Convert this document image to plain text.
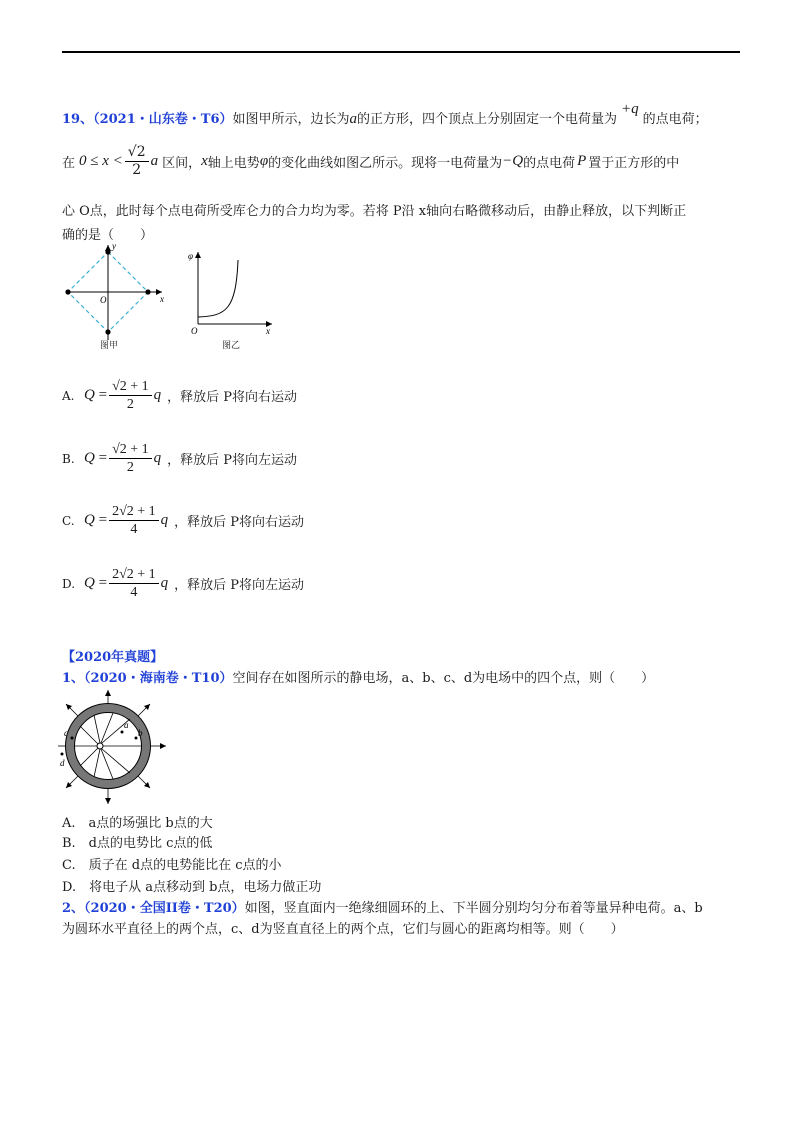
19、（2021・山东卷・T6）如图甲所示，边长为a的正方形，四个顶点上分别固定一个电荷量为+q的点电荷；
在 $0 \le x < \frac{√2}{2}$ a 区间， x 轴上电势 φ 的变化曲线如图乙所示。现将一电荷量为 −Q 的点电荷 P 置于正方形的中
心 O点，此时每个点电荷所受库仑力的合力均为零。若将 P沿 x轴向右略微移动后，由静止释放，以下判断正
确的是（　　）
y
x
O
图甲
φ
x
O
图乙
A. Q
= $\frac{√2 + 1}{2}$ q ，释放后 P将向右运动
B. Q
= $\frac{√2 + 1}{2}$ q ，释放后 P将向左运动
C. Q
= $\frac{2√2 + 1}{4}$ q ，释放后 P将向右运动
D. Q
= $\frac{2√2 + 1}{4}$ q ，释放后 P将向左运动
【2020年真题】
1、（2020・海南卷・T10）空间存在如图所示的静电场，a、b、c、d为电场中的四个点，则（　　）
a
b
c
d
A.　a点的场强比 b点的大
B.　d点的电势比 c点的低
C.　质子在 d点的电势能比在 c点的小
D.　将电子从 a点移动到 b点，电场力做正功
2、（2020・全国II卷・T20）如图，竖直面内一绝缘细圆环的上、下半圆分别均匀分布着等量异种电荷。a、b
为圆环水平直径上的两个点，c、d为竖直直径上的两个点，它们与圆心的距离均相等。则（　　）
